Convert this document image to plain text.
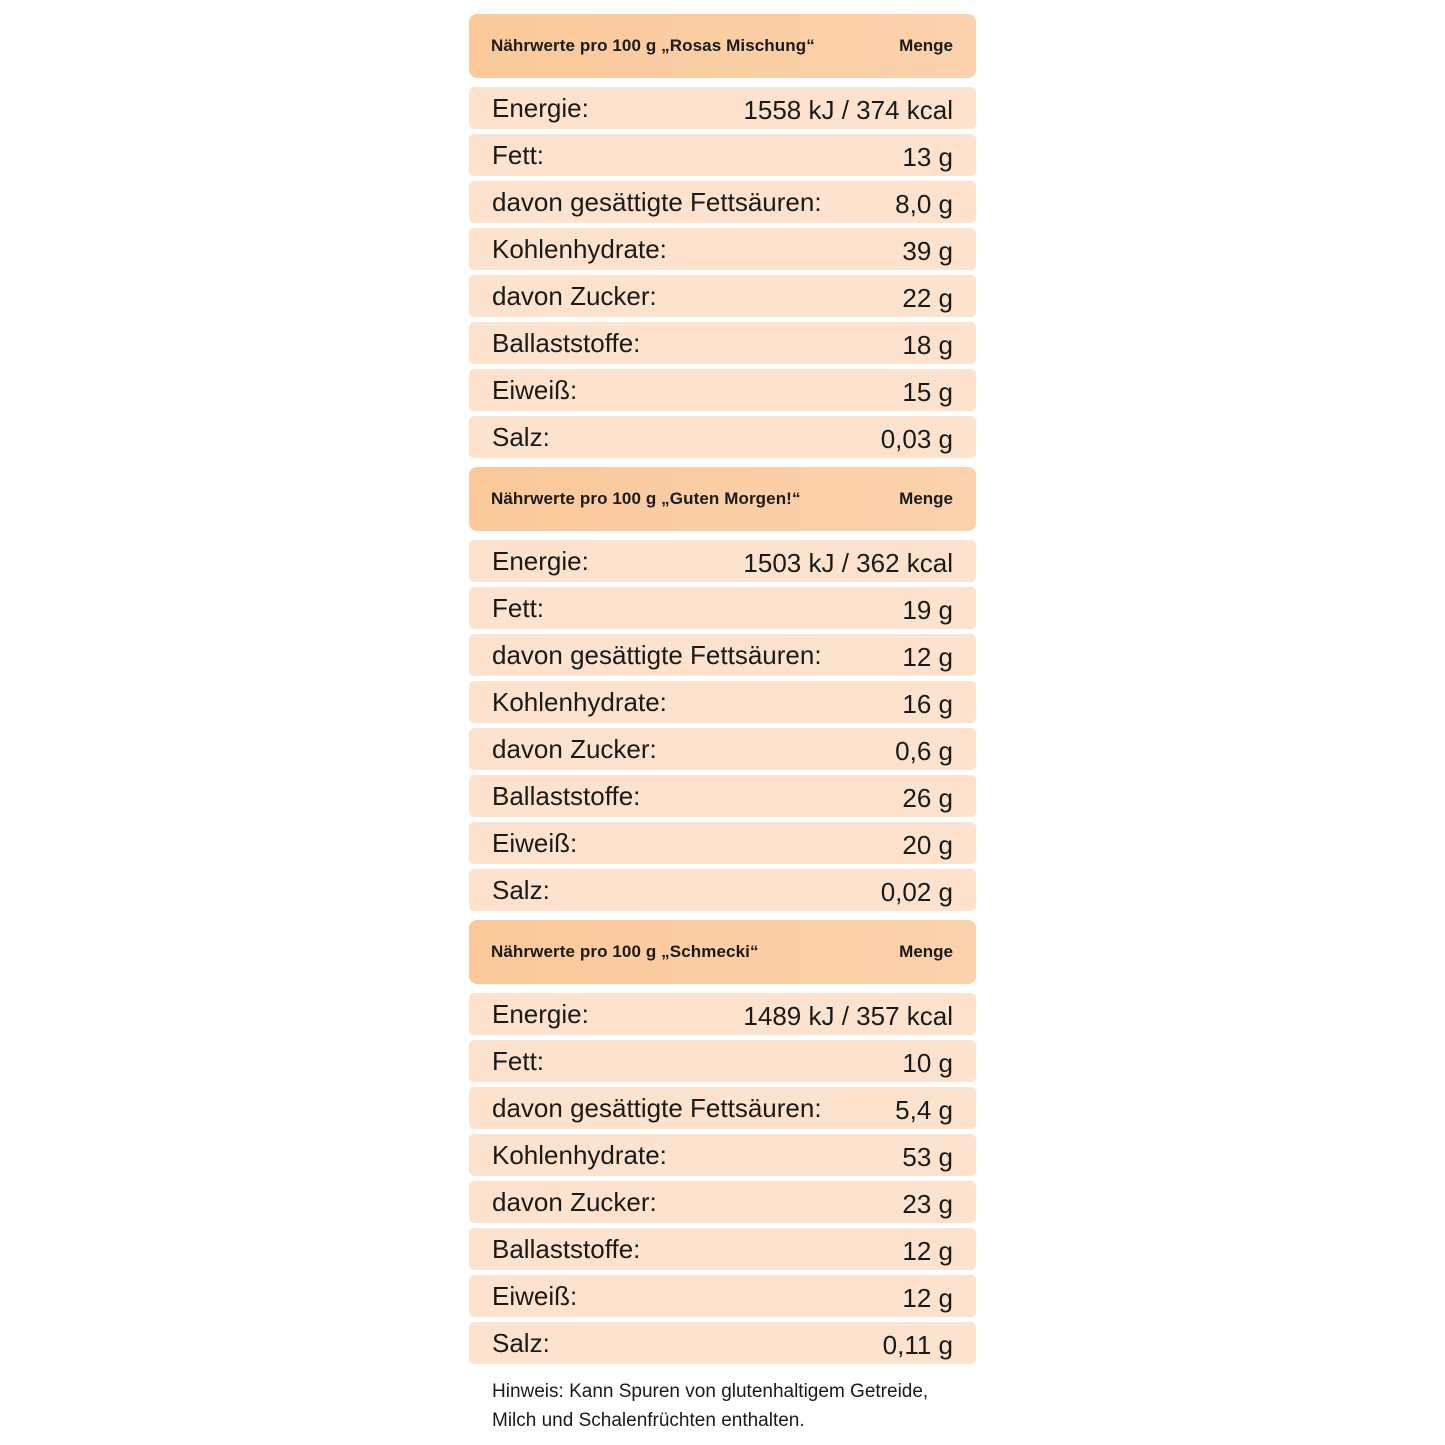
Nährwerte pro 100 g „Rosas Mischung“	Menge
Energie:	1558 kJ / 374 kcal
Fett:	13 g
davon gesättigte Fettsäuren:	8,0 g
Kohlenhydrate:	39 g
davon Zucker:	22 g
Ballaststoffe:	18 g
Eiweiß:	15 g
Salz:	0,03 g
Nährwerte pro 100 g „Guten Morgen!“	Menge
Energie:	1503 kJ / 362 kcal
Fett:	19 g
davon gesättigte Fettsäuren:	12 g
Kohlenhydrate:	16 g
davon Zucker:	0,6 g
Ballaststoffe:	26 g
Eiweiß:	20 g
Salz:	0,02 g
Nährwerte pro 100 g „Schmecki“	Menge
Energie:	1489 kJ / 357 kcal
Fett:	10 g
davon gesättigte Fettsäuren:	5,4 g
Kohlenhydrate:	53 g
davon Zucker:	23 g
Ballaststoffe:	12 g
Eiweiß:	12 g
Salz:	0,11 g

Hinweis: Kann Spuren von glutenhaltigem Getreide,
Milch und Schalenfrüchten enthalten.
